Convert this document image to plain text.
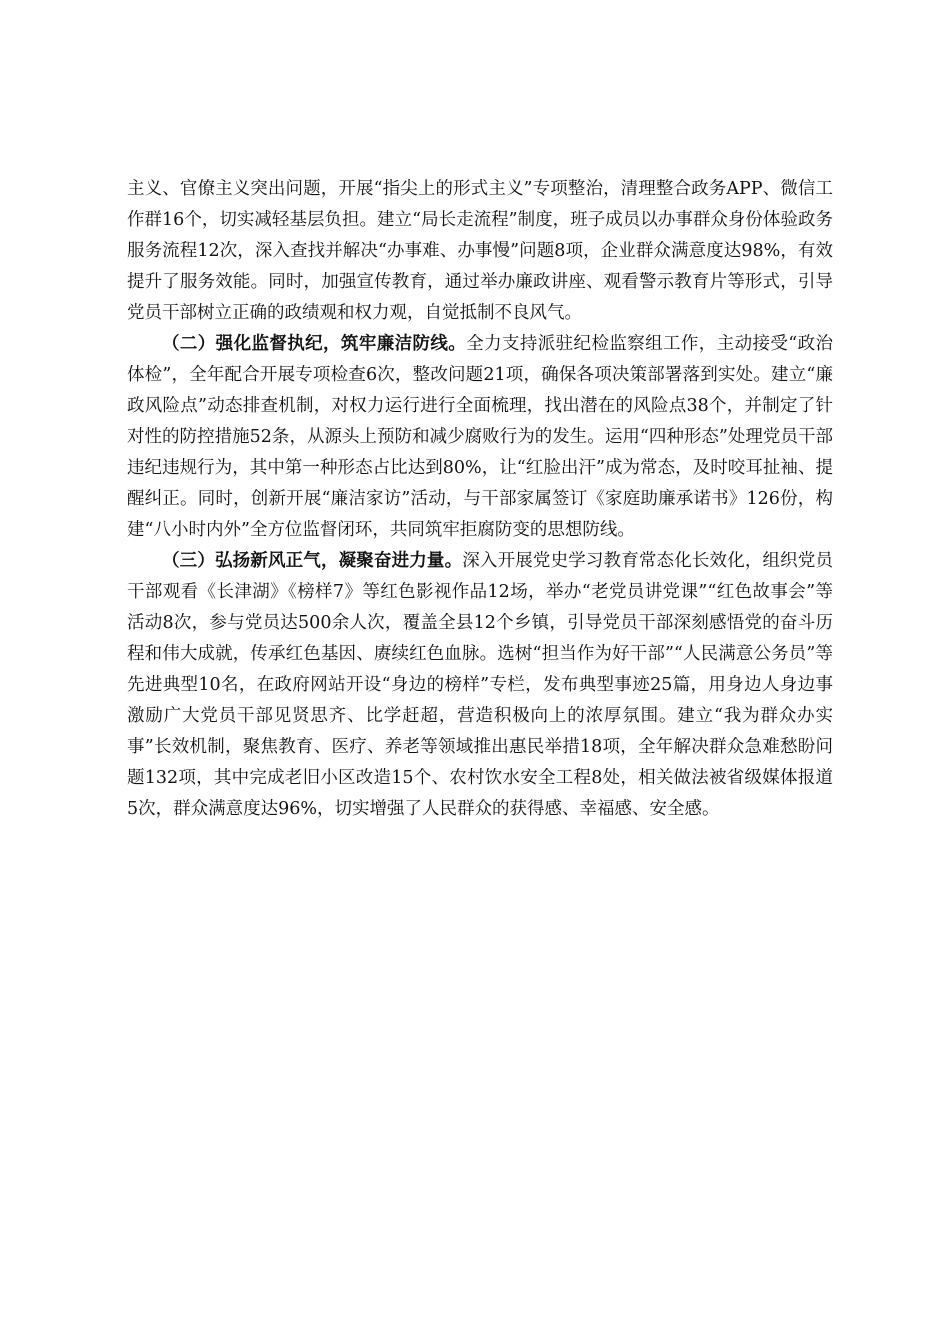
主义、官僚主义突出问题，开展“指尖上的形式主义”专项整治，清理整合政务APP、微信工作群16个，切实减轻基层负担。建立“局长走流程”制度，班子成员以办事群众身份体验政务服务流程12次，深入查找并解决“办事难、办事慢”问题8项，企业群众满意度达98%，有效提升了服务效能。同时，加强宣传教育，通过举办廉政讲座、观看警示教育片等形式，引导党员干部树立正确的政绩观和权力观，自觉抵制不良风气。

（二）强化监督执纪，筑牢廉洁防线。全力支持派驻纪检监察组工作，主动接受“政治体检”，全年配合开展专项检查6次，整改问题21项，确保各项决策部署落到实处。建立“廉政风险点”动态排查机制，对权力运行进行全面梳理，找出潜在的风险点38个，并制定了针对性的防控措施52条，从源头上预防和减少腐败行为的发生。运用“四种形态”处理党员干部违纪违规行为，其中第一种形态占比达到80%，让“红脸出汗”成为常态，及时咬耳扯袖、提醒纠正。同时，创新开展“廉洁家访”活动，与干部家属签订《家庭助廉承诺书》126份，构建“八小时内外”全方位监督闭环，共同筑牢拒腐防变的思想防线。

（三）弘扬新风正气，凝聚奋进力量。深入开展党史学习教育常态化长效化，组织党员干部观看《长津湖》《榜样7》等红色影视作品12场，举办“老党员讲党课”“红色故事会”等活动8次，参与党员达500余人次，覆盖全县12个乡镇，引导党员干部深刻感悟党的奋斗历程和伟大成就，传承红色基因、赓续红色血脉。选树“担当作为好干部”“人民满意公务员”等先进典型10名，在政府网站开设“身边的榜样”专栏，发布典型事迹25篇，用身边人身边事激励广大党员干部见贤思齐、比学赶超，营造积极向上的浓厚氛围。建立“我为群众办实事”长效机制，聚焦教育、医疗、养老等领域推出惠民举措18项，全年解决群众急难愁盼问题132项，其中完成老旧小区改造15个、农村饮水安全工程8处，相关做法被省级媒体报道5次，群众满意度达96%，切实增强了人民群众的获得感、幸福感、安全感。
